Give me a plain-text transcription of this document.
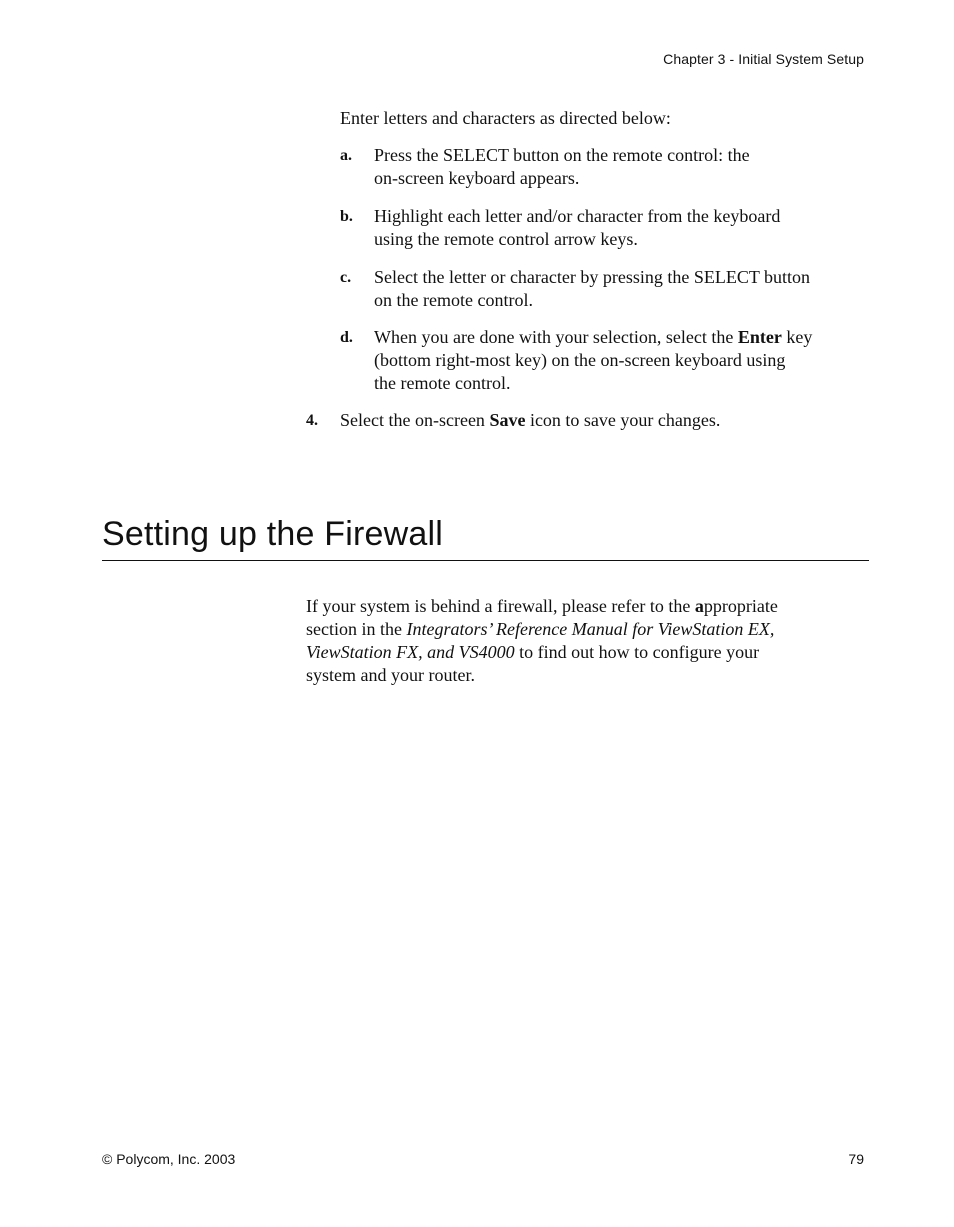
Chapter 3 - Initial System Setup
Enter letters and characters as directed below:
a. Press the SELECT button on the remote control: the
on-screen keyboard appears.
b. Highlight each letter and/or character from the keyboard
using the remote control arrow keys.
c. Select the letter or character by pressing the SELECT button
on the remote control.
d. When you are done with your selection, select the Enter key
(bottom right-most key) on the on-screen keyboard using
the remote control.
4. Select the on-screen Save icon to save your changes.
Setting up the Firewall
If your system is behind a firewall, please refer to the appropriate
section in the Integrators’ Reference Manual for ViewStation EX,
ViewStation FX, and VS4000 to find out how to configure your
system and your router.
© Polycom, Inc. 2003	79
